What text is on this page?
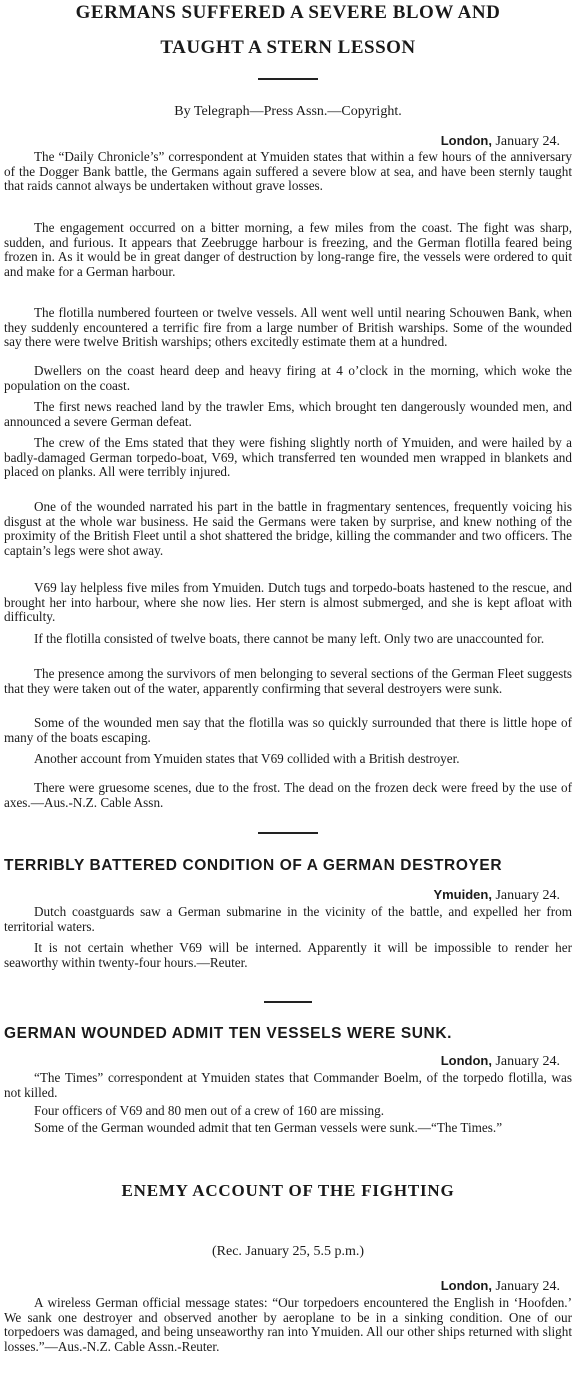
GERMANS SUFFERED A SEVERE BLOW AND
TAUGHT A STERN LESSON
By Telegraph—Press Assn.—Copyright.
London, January 24.

The “Daily Chronicle’s” correspondent at Ymuiden states that within a few hours of the anniversary of the Dogger Bank battle, the Germans again suffered a severe blow at sea, and have been sternly taught that raids cannot always be undertaken without grave losses.

The engagement occurred on a bitter morning, a few miles from the coast. The fight was sharp, sudden, and furious. It appears that Zeebrugge harbour is freezing, and the German flotilla feared being frozen in. As it would be in great danger of destruction by long-range fire, the vessels were ordered to quit and make for a German harbour.

The flotilla numbered fourteen or twelve vessels. All went well until nearing Schouwen Bank, when they suddenly encountered a terrific fire from a large number of British warships. Some of the wounded say there were twelve British warships; others excitedly estimate them at a hundred.

Dwellers on the coast heard deep and heavy firing at 4 o’clock in the morning, which woke the population on the coast.

The first news reached land by the trawler Ems, which brought ten dangerously wounded men, and announced a severe German defeat.

The crew of the Ems stated that they were fishing slightly north of Ymuiden, and were hailed by a badly-damaged German torpedo-boat, V69, which transferred ten wounded men wrapped in blankets and placed on planks. All were terribly injured.

One of the wounded narrated his part in the battle in fragmentary sentences, frequently voicing his disgust at the whole war business. He said the Germans were taken by surprise, and knew nothing of the proximity of the British Fleet until a shot shattered the bridge, killing the commander and two officers. The captain’s legs were shot away.

V69 lay helpless five miles from Ymuiden. Dutch tugs and torpedo-boats hastened to the rescue, and brought her into harbour, where she now lies. Her stern is almost submerged, and she is kept afloat with difficulty.

If the flotilla consisted of twelve boats, there cannot be many left. Only two are unaccounted for.

The presence among the survivors of men belonging to several sections of the German Fleet suggests that they were taken out of the water, apparently confirming that several destroyers were sunk.

Some of the wounded men say that the flotilla was so quickly surrounded that there is little hope of many of the boats escaping.

Another account from Ymuiden states that V69 collided with a British destroyer.

There were gruesome scenes, due to the frost. The dead on the frozen deck were freed by the use of axes.—Aus.-N.Z. Cable Assn.

TERRIBLY BATTERED CONDITION OF A GERMAN DESTROYER
Ymuiden, January 24.

Dutch coastguards saw a German submarine in the vicinity of the battle, and expelled her from territorial waters.

It is not certain whether V69 will be interned. Apparently it will be impossible to render her seaworthy within twenty-four hours.—Reuter.

GERMAN WOUNDED ADMIT TEN VESSELS WERE SUNK.
London, January 24.

“The Times” correspondent at Ymuiden states that Commander Boelm, of the torpedo flotilla, was not killed.

Four officers of V69 and 80 men out of a crew of 160 are missing.

Some of the German wounded admit that ten German vessels were sunk.—“The Times.”

ENEMY ACCOUNT OF THE FIGHTING
(Rec. January 25, 5.5 p.m.)
London, January 24.

A wireless German official message states: “Our torpedoers encountered the English in ‘Hoofden.’ We sank one destroyer and observed another by aeroplane to be in a sinking condition. One of our torpedoers was damaged, and being unseaworthy ran into Ymuiden. All our other ships returned with slight losses.”—Aus.-N.Z. Cable Assn.-Reuter.
